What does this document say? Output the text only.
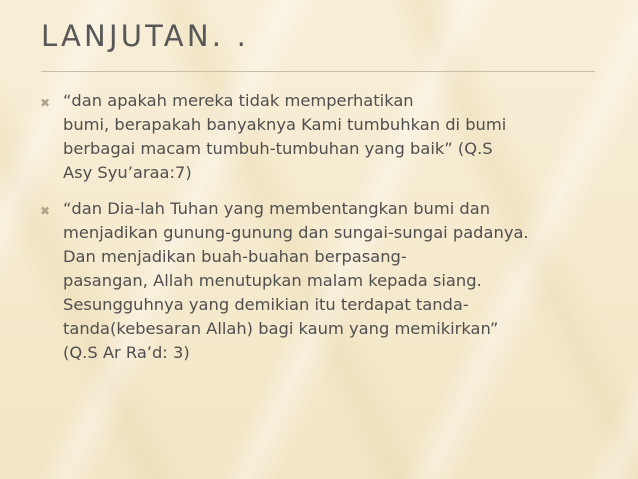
LANJUTAN. .
✖ “dan apakah mereka tidak memperhatikan
bumi, berapakah banyaknya Kami tumbuhkan di bumi
berbagai macam tumbuh-tumbuhan yang baik” (Q.S
Asy Syu’araa:7)

✖ “dan Dia-lah Tuhan yang membentangkan bumi dan
menjadikan gunung-gunung dan sungai-sungai padanya.
Dan menjadikan buah-buahan berpasang-
pasangan, Allah menutupkan malam kepada siang.
Sesungguhnya yang demikian itu terdapat tanda-
tanda(kebesaran Allah) bagi kaum yang memikirkan”
(Q.S Ar Ra’d: 3)
